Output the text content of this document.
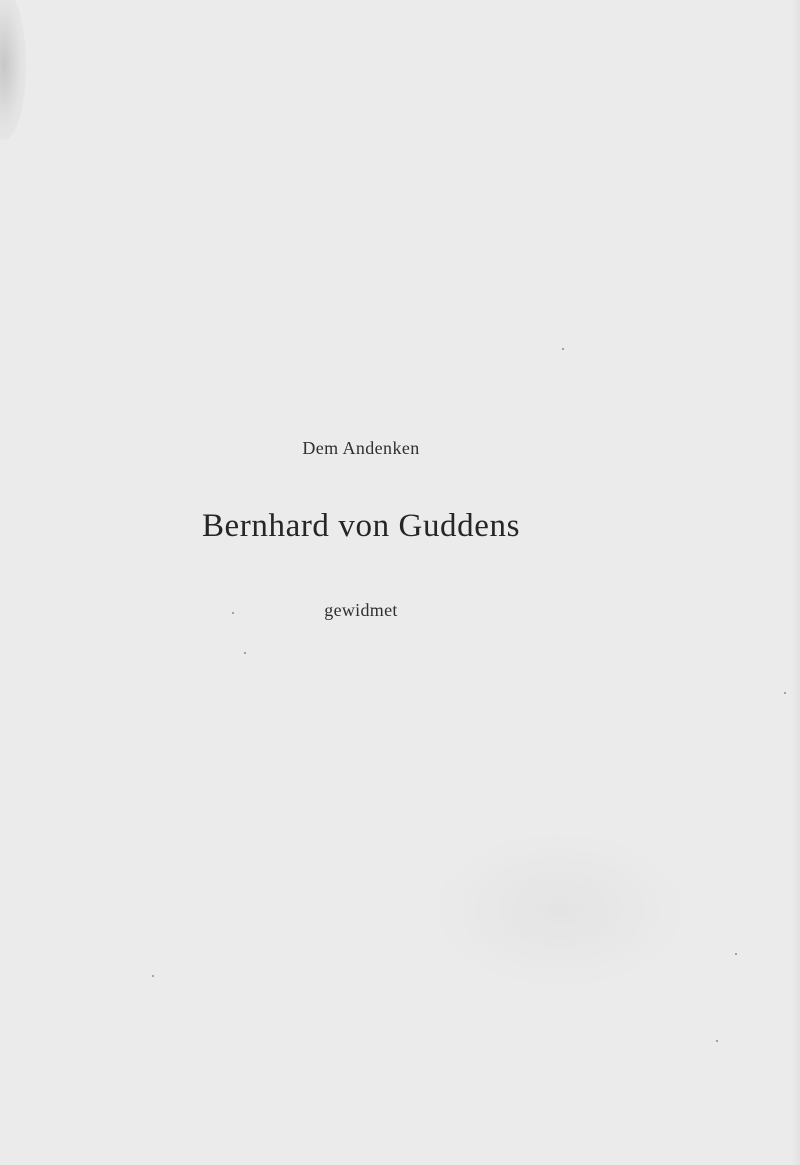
Dem Andenken
Bernhard von Guddens
gewidmet
